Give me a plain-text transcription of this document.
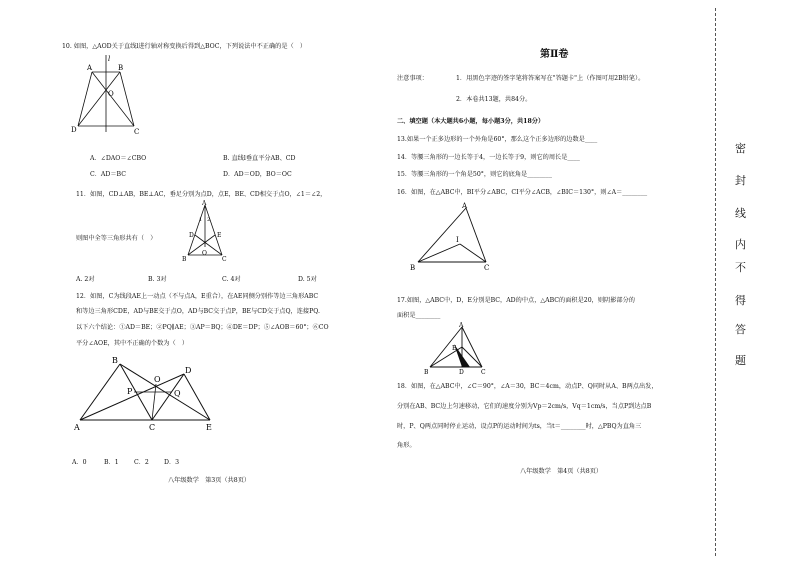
10. 如图，△AOD关于直线l进行轴对称变换后得到△BOC，下列说法中不正确的是（　）
l
A	B
O
D	C
A．∠DAO＝∠CBO	B. 直线l垂直平分AB、CD
C．AD＝BC	D．AD＝OD，BO＝OC
11．如图，CD⊥AB，BE⊥AC，垂足分别为点D，点E，BE、CD相交于点O，∠1＝∠2，
A
1 2
D	E
O
B	C
则图中全等三角形共有（　）
A. 2对	B. 3对	C. 4对	D. 5对
12．如图，C为线段AE上一动点（不与点A，E重合），在AE同侧分别作等边三角形ABC
和等边三角形CDE，AD与BE交于点O，AD与BC交于点P，BE与CD交于点Q，连接PQ.
以下六个结论：①AD＝BE；②PQ∥AE；③AP＝BQ；④DE＝DP；⑤∠AOB＝60°；⑥CO
平分∠AOE，其中不正确的个数为（　）
B
D
P
O
Q
A	C	E
A．0	B．1 C．2 D．3
八年级数学　第3页（共8页）
第Ⅱ卷
注意事项：	1．用黑色字迹的签字笔将答案写在"答题卡"上（作图可用2B铅笔）。
2．本卷共13题，共84分。
二、填空题（本大题共6小题，每小题3分，共18分）
13.如果一个正多边形的一个外角是60°，那么这个正多边形的边数是____
14．等腰三角形的一边长等于4，一边长等于9，则它的周长是____
15．等腰三角形的一个角是50°，则它的底角是________
16．如图，在△ABC中，BI平分∠ABC，CI平分∠ACB，∠BIC＝130°，则∠A＝________
A
I
B	C
17.如图，△ABC中，D，E分别是BC，AD的中点，△ABC的面积是20，则阴影部分的
面积是________
A
E
B	D	C
18．如图，在△ABC中，∠C＝90°，∠A＝30，BC＝4cm，动点P、Q同时从A、B两点出发，
分别在AB、BC边上匀速移动，它们的速度分别为Vp＝2cm/s，Vq＝1cm/s，当点P到达点B
时，P、Q两点同时停止运动，设点P的运动时间为ts，当t＝________时，△PBQ为直角三
角形。
八年级数学　第4页（共8页）
密
封
线
内
不
得
答
题
